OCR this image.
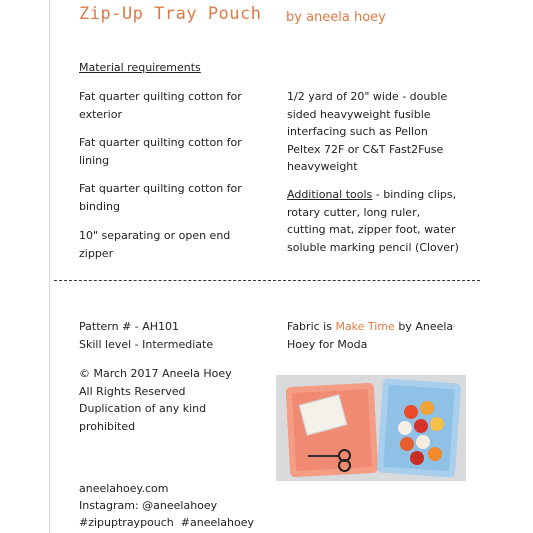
Zip-Up Tray Pouch by aneela hoey
Material requirements
Fat quarter quilting cotton for exterior
Fat quarter quilting cotton for lining
Fat quarter quilting cotton for binding
10" separating or open end zipper
1/2 yard of 20" wide - double sided heavyweight fusible interfacing such as Pellon Peltex 72F or C&T Fast2Fuse heavyweight
Additional tools - binding clips, rotary cutter, long ruler, cutting mat, zipper foot, water soluble marking pencil (Clover)
Pattern # - AH101
Skill level - Intermediate
© March 2017 Aneela Hoey
All Rights Reserved
Duplication of any kind prohibited
Fabric is Make Time by Aneela Hoey for Moda
aneelahoey.com
Instagram: @aneelahoey
#zipuptraypouch  #aneelahoey
